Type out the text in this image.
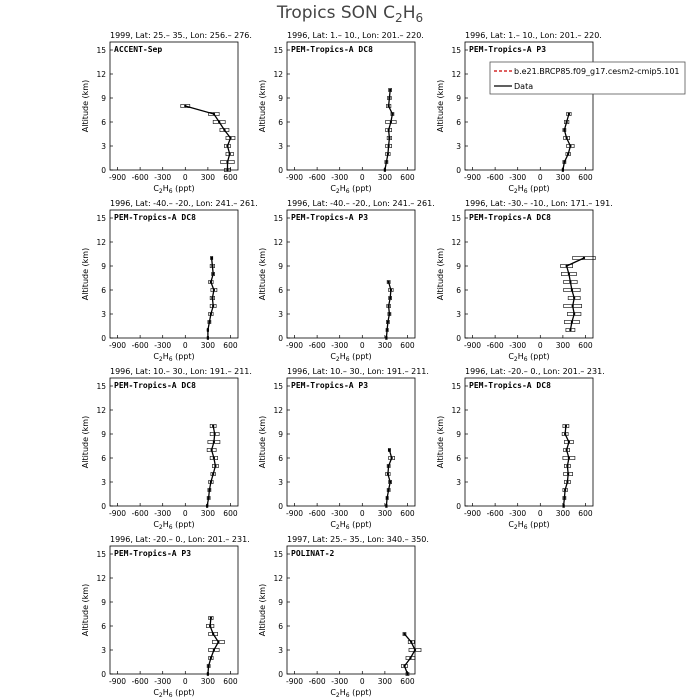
Tropics SON $C_2H_6$
1999, Lat: 25.– 35., Lon: 256.– 276.
ACCENT-Sep
-900 -600 -300 0 300 600
0
3
6
9
12
15
$C_2H_6$ (ppt)
Altitude (km)
1996, Lat: 1.– 10., Lon: 201.– 220.
PEM-Tropics-A DC8
-900 -600 -300 0 300 600
0
3
6
9
12
15
$C_2H_6$ (ppt)
Altitude (km)
1996, Lat: 1.– 10., Lon: 201.– 220.
PEM-Tropics-A P3
-900 -600 -300 0 300 600
0
3
6
9
12
15
$C_2H_6$ (ppt)
Altitude (km)
1996, Lat: -40.– -20., Lon: 241.– 261.
PEM-Tropics-A DC8
-900 -600 -300 0 300 600
0
3
6
9
12
15
$C_2H_6$ (ppt)
Altitude (km)
1996, Lat: -40.– -20., Lon: 241.– 261.
PEM-Tropics-A P3
-900 -600 -300 0 300 600
0
3
6
9
12
15
$C_2H_6$ (ppt)
Altitude (km)
1996, Lat: -30.– -10., Lon: 171.– 191.
PEM-Tropics-A DC8
-900 -600 -300 0 300 600
0
3
6
9
12
15
$C_2H_6$ (ppt)
Altitude (km)
1996, Lat: 10.– 30., Lon: 191.– 211.
PEM-Tropics-A DC8
-900 -600 -300 0 300 600
0
3
6
9
12
15
$C_2H_6$ (ppt)
Altitude (km)
1996, Lat: 10.– 30., Lon: 191.– 211.
PEM-Tropics-A P3
-900 -600 -300 0 300 600
0
3
6
9
12
15
$C_2H_6$ (ppt)
Altitude (km)
1996, Lat: -20.– 0., Lon: 201.– 231.
PEM-Tropics-A DC8
-900 -600 -300 0 300 600
0
3
6
9
12
15
$C_2H_6$ (ppt)
Altitude (km)
1996, Lat: -20.– 0., Lon: 201.– 231.
PEM-Tropics-A P3
-900 -600 -300 0 300 600
0
3
6
9
12
15
$C_2H_6$ (ppt)
Altitude (km)
1997, Lat: 25.– 35., Lon: 340.– 350.
POLINAT-2
-900 -600 -300 0 300 600
0
3
6
9
12
15
$C_2H_6$ (ppt)
Altitude (km)
b.e21.BRCP85.f09_g17.cesm2-cmip5.101
Data
